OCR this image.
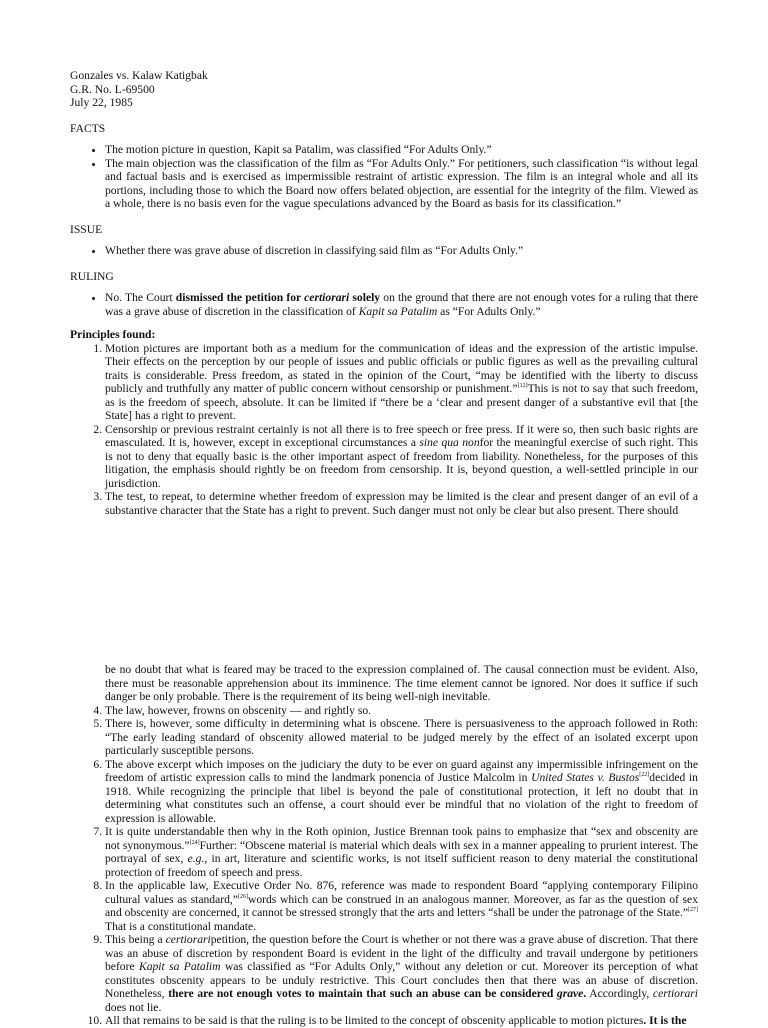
Gonzales vs. Kalaw Katigbak
G.R. No. L-69500
July 22, 1985
FACTS
• The motion picture in question, Kapit sa Patalim, was classified “For Adults Only.”
• The main objection was the classification of the film as “For Adults Only.” For petitioners, such classification “is without legal and factual basis and is exercised as impermissible restraint of artistic expression. The film is an integral whole and all its portions, including those to which the Board now offers belated objection, are essential for the integrity of the film. Viewed as a whole, there is no basis even for the vague speculations advanced by the Board as basis for its classification.”
ISSUE
• Whether there was grave abuse of discretion in classifying said film as “For Adults Only.”
RULING
• No. The Court dismissed the petition for certiorari solely on the ground that there are not enough votes for a ruling that there was a grave abuse of discretion in the classification of Kapit sa Patalim as “For Adults Only.”
Principles found:
1. Motion pictures are important both as a medium for the communication of ideas and the expression of the artistic impulse. Their effects on the perception by our people of issues and public officials or public figures as well as the prevailing cultural traits is considerable. Press freedom, as stated in the opinion of the Court, “may be identified with the liberty to discuss publicly and truthfully any matter of public concern without censorship or punishment.”[12]This is not to say that such freedom, as is the freedom of speech, absolute. It can be limited if “there be a ‘clear and present danger of a substantive evil that [the State] has a right to prevent.
2. Censorship or previous restraint certainly is not all there is to free speech or free press. If it were so, then such basic rights are emasculated. It is, however, except in exceptional circumstances a sine qua nonfor the meaningful exercise of such right. This is not to deny that equally basic is the other important aspect of freedom from liability. Nonetheless, for the purposes of this litigation, the emphasis should rightly be on freedom from censorship. It is, beyond question, a well-settled principle in our jurisdiction.
3. The test, to repeat, to determine whether freedom of expression may be limited is the clear and present danger of an evil of a substantive character that the State has a right to prevent. Such danger must not only be clear but also present. There should
be no doubt that what is feared may be traced to the expression complained of. The causal connection must be evident. Also, there must be reasonable apprehension about its imminence. The time element cannot be ignored. Nor does it suffice if such danger be only probable. There is the requirement of its being well-nigh inevitable.
4. The law, however, frowns on obscenity — and rightly so.
5. There is, however, some difficulty in determining what is obscene. There is persuasiveness to the approach followed in Roth: “The early leading standard of obscenity allowed material to be judged merely by the effect of an isolated excerpt upon particularly susceptible persons.
6. The above excerpt which imposes on the judiciary the duty to be ever on guard against any impermissible infringement on the freedom of artistic expression calls to mind the landmark ponencia of Justice Malcolm in United States v. Bustos[22]decided in 1918. While recognizing the principle that libel is beyond the pale of constitutional protection, it left no doubt that in determining what constitutes such an offense, a court should ever be mindful that no violation of the right to freedom of expression is allowable.
7. It is quite understandable then why in the Roth opinion, Justice Brennan took pains to emphasize that “sex and obscenity are not synonymous.”[24]Further: “Obscene material is material which deals with sex in a manner appealing to prurient interest. The portrayal of sex, e.g., in art, literature and scientific works, is not itself sufficient reason to deny material the constitutional protection of freedom of speech and press.
8. In the applicable law, Executive Order No. 876, reference was made to respondent Board “applying contemporary Filipino cultural values as standard,”[26]words which can be construed in an analogous manner. Moreover, as far as the question of sex and obscenity are concerned, it cannot be stressed strongly that the arts and letters “shall be under the patronage of the State.”[27] That is a constitutional mandate.
9. This being a certioraripetition, the question before the Court is whether or not there was a grave abuse of discretion. That there was an abuse of discretion by respondent Board is evident in the light of the difficulty and travail undergone by petitioners before Kapit sa Patalim was classified as “For Adults Only,” without any deletion or cut. Moreover its perception of what constitutes obscenity appears to be unduly restrictive. This Court concludes then that there was an abuse of discretion. Nonetheless, there are not enough votes to maintain that such an abuse can be considered grave. Accordingly, certiorari does not lie.
10. All that remains to be said is that the ruling is to be limited to the concept of obscenity applicable to motion pictures. It is the
